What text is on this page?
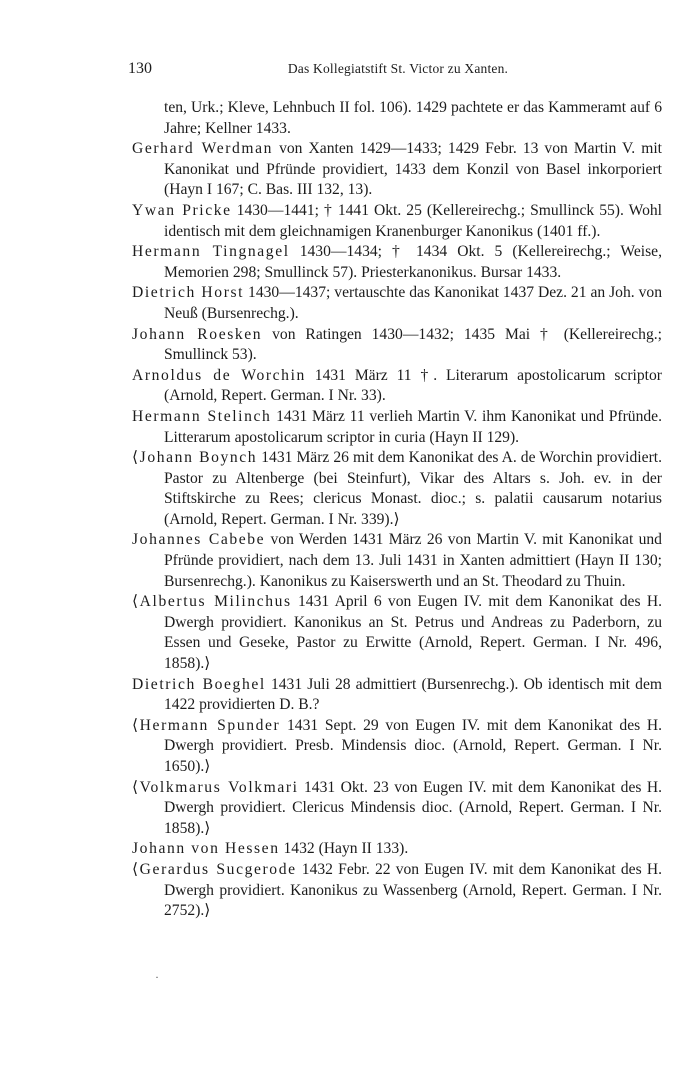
130	Das Kollegiatstift St. Victor zu Xanten.

ten, Urk.; Kleve, Lehnbuch II fol. 106). 1429 pachtete er das Kammeramt auf 6 Jahre; Kellner 1433.

Gerhard Werdman von Xanten 1429—1433; 1429 Febr. 13 von Martin V. mit Kanonikat und Pfründe providiert, 1433 dem Konzil von Basel inkorporiert (Hayn I 167; C. Bas. III 132, 13).

Ywan Pricke 1430—1441; † 1441 Okt. 25 (Kellereirechg.; Smullinck 55). Wohl identisch mit dem gleichnamigen Kranenburger Kanonikus (1401 ff.).

Hermann Tingnagel 1430—1434; † 1434 Okt. 5 (Kellereirechg.; Weise, Memorien 298; Smullinck 57). Priesterkanonikus. Bursar 1433.

Dietrich Horst 1430—1437; vertauschte das Kanonikat 1437 Dez. 21 an Joh. von Neuß (Bursenrechg.).

Johann Roesken von Ratingen 1430—1432; 1435 Mai † (Kellereirechg.; Smullinck 53).

Arnoldus de Worchin 1431 März 11 †. Literarum apostolicarum scriptor (Arnold, Repert. German. I Nr. 33).

Hermann Stelinch 1431 März 11 verlieh Martin V. ihm Kanonikat und Pfründe. Litterarum apostolicarum scriptor in curia (Hayn II 129).

⟨Johann Boynch 1431 März 26 mit dem Kanonikat des A. de Worchin providiert. Pastor zu Altenberge (bei Steinfurt), Vikar des Altars s. Joh. ev. in der Stiftskirche zu Rees; clericus Monast. dioc.; s. palatii causarum notarius (Arnold, Repert. German. I Nr. 339).⟩

Johannes Cabebe von Werden 1431 März 26 von Martin V. mit Kanonikat und Pfründe providiert, nach dem 13. Juli 1431 in Xanten admittiert (Hayn II 130; Bursenrechg.). Kanonikus zu Kaiserswerth und an St. Theodard zu Thuin.

⟨Albertus Milinchus 1431 April 6 von Eugen IV. mit dem Kanonikat des H. Dwergh providiert. Kanonikus an St. Petrus und Andreas zu Paderborn, zu Essen und Geseke, Pastor zu Erwitte (Arnold, Repert. German. I Nr. 496, 1858).⟩

Dietrich Boeghel 1431 Juli 28 admittiert (Bursenrechg.). Ob identisch mit dem 1422 providierten D. B.?

⟨Hermann Spunder 1431 Sept. 29 von Eugen IV. mit dem Kanonikat des H. Dwergh providiert. Presb. Mindensis dioc. (Arnold, Repert. German. I Nr. 1650).⟩

⟨Volkmarus Volkmari 1431 Okt. 23 von Eugen IV. mit dem Kanonikat des H. Dwergh providiert. Clericus Mindensis dioc. (Arnold, Repert. German. I Nr. 1858).⟩

Johann von Hessen 1432 (Hayn II 133).

⟨Gerardus Sucgerode 1432 Febr. 22 von Eugen IV. mit dem Kanonikat des H. Dwergh providiert. Kanonikus zu Wassenberg (Arnold, Repert. German. I Nr. 2752).⟩

·
